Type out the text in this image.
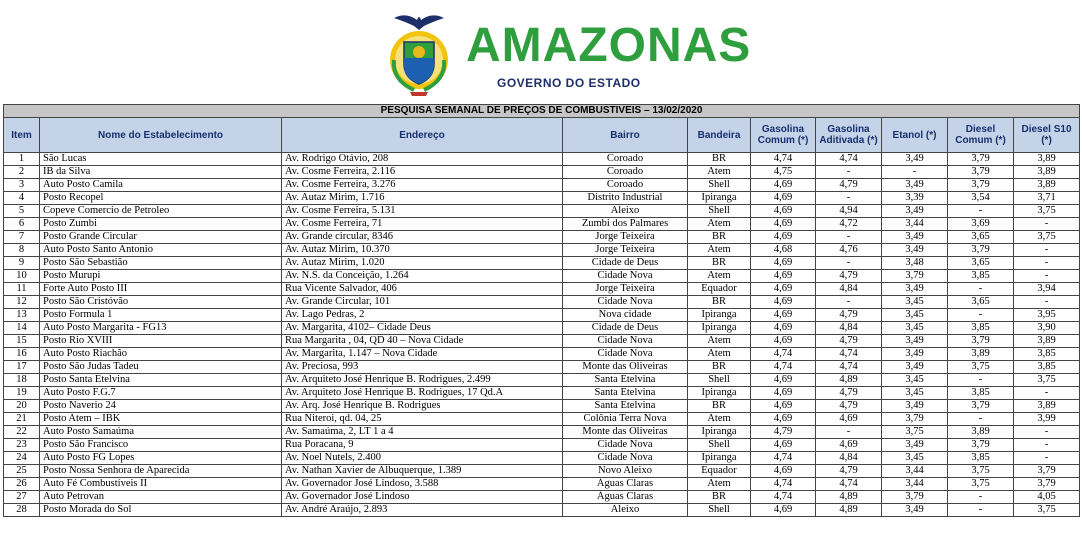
AMAZONAS
GOVERNO DO ESTADO
PESQUISA SEMANAL DE PREÇOS DE COMBUSTIVEIS – 13/02/2020									
Item	Nome do Estabelecimento	Endereço	Bairro	Bandeira	Gasolina Comum (*)	Gasolina Aditivada (*)	Etanol (*)	Diesel Comum (*)	Diesel S10 (*)
1	São Lucas	Av. Rodrigo Otávio, 208	Coroado	BR	4,74	4,74	3,49	3,79	3,89
2	IB da Silva	Av. Cosme Ferreira, 2.116	Coroado	Atem	4,75	-	-	3,79	3,89
3	Auto Posto Camila	Av. Cosme Ferreira, 3.276	Coroado	Shell	4,69	4,79	3,49	3,79	3,89
4	Posto Recopel	Av. Autaz Mirim, 1.716	Distrito Industrial	Ipiranga	4,69	-	3,39	3,54	3,71
5	Copeve Comercio de Petroleo	Av. Cosme Ferreira, 5.131	Aleixo	Shell	4,69	4,94	3,49	-	3,75
6	Posto Zumbi	Av. Cosme Ferreira, 71	Zumbi dos Palmares	Atem	4,69	4,72	3,44	3,69	-
7	Posto Grande Circular	Av. Grande circular, 8346	Jorge Teixeira	BR	4,69	-	3,49	3,65	3,75
8	Auto Posto Santo Antonio	Av. Autaz Mirim, 10.370	Jorge Teixeira	Atem	4,68	4,76	3,49	3,79	-
9	Posto São Sebastião	Av. Autaz Mirim, 1.020	Cidade de Deus	BR	4,69	-	3,48	3,65	-
10	Posto Murupi	Av. N.S. da Conceição, 1.264	Cidade Nova	Atem	4,69	4,79	3,79	3,85	-
11	Forte Auto Posto III	Rua Vicente Salvador, 406	Jorge Teixeira	Equador	4,69	4,84	3,49	-	3,94
12	Posto São Cristóvão	Av. Grande Circular, 101	Cidade Nova	BR	4,69	-	3,45	3,65	-
13	Posto Formula 1	Av. Lago Pedras, 2	Nova cidade	Ipiranga	4,69	4,79	3,45	-	3,95
14	Auto Posto Margarita - FG13	Av. Margarita, 4102– Cidade Deus	Cidade de Deus	Ipiranga	4,69	4,84	3,45	3,85	3,90
15	Posto Rio XVIII	Rua Margarita , 04, QD 40 – Nova Cidade	Cidade Nova	Atem	4,69	4,79	3,49	3,79	3,89
16	Auto Posto Riachão	Av. Margarita, 1.147 – Nova Cidade	Cidade Nova	Atem	4,74	4,74	3,49	3,89	3,85
17	Posto São Judas Tadeu	Av. Preciosa, 993	Monte das Oliveiras	BR	4,74	4,74	3,49	3,75	3,85
18	Posto Santa Etelvina	Av. Arquiteto José Henrique B. Rodrigues, 2.499	Santa Etelvina	Shell	4,69	4,89	3,45	-	3,75
19	Auto Posto F.G.7	Av. Arquiteto José Henrique B. Rodrigues, 17 Qd.A	Santa Etelvina	Ipiranga	4,69	4,79	3,45	3,85	-
20	Posto Naverio 24	Av. Arq. José Henrique B. Rodrigues	Santa Etelvina	BR	4,69	4,79	3,49	3,79	3,89
21	Posto Atem – IBK	Rua Niteroi, qd. 04, 25	Colônia Terra Nova	Atem	4,69	4,69	3,79	-	3,99
22	Auto Posto Samaúma	Av. Samaúma, 2, LT 1 a 4	Monte das Oliveiras	Ipiranga	4,79	-	3,75	3,89	-
23	Posto São Francisco	Rua Poracana, 9	Cidade Nova	Shell	4,69	4,69	3,49	3,79	-
24	Auto Posto FG Lopes	Av. Noel Nutels, 2.400	Cidade Nova	Ipiranga	4,74	4,84	3,45	3,85	-
25	Posto Nossa Senhora de Aparecida	Av. Nathan Xavier de Albuquerque, 1.389	Novo Aleixo	Equador	4,69	4,79	3,44	3,75	3,79
26	Auto Fé Combustíveis II	Av. Governador José Lindoso, 3.588	Águas Claras	Atem	4,74	4,74	3,44	3,75	3,79
27	Auto Petrovan	Av. Governador José Lindoso	Águas Claras	BR	4,74	4,89	3,79	-	4,05
28	Posto Morada do Sol	Av. André Araújo, 2.893	Aleixo	Shell	4,69	4,89	3,49	-	3,75
